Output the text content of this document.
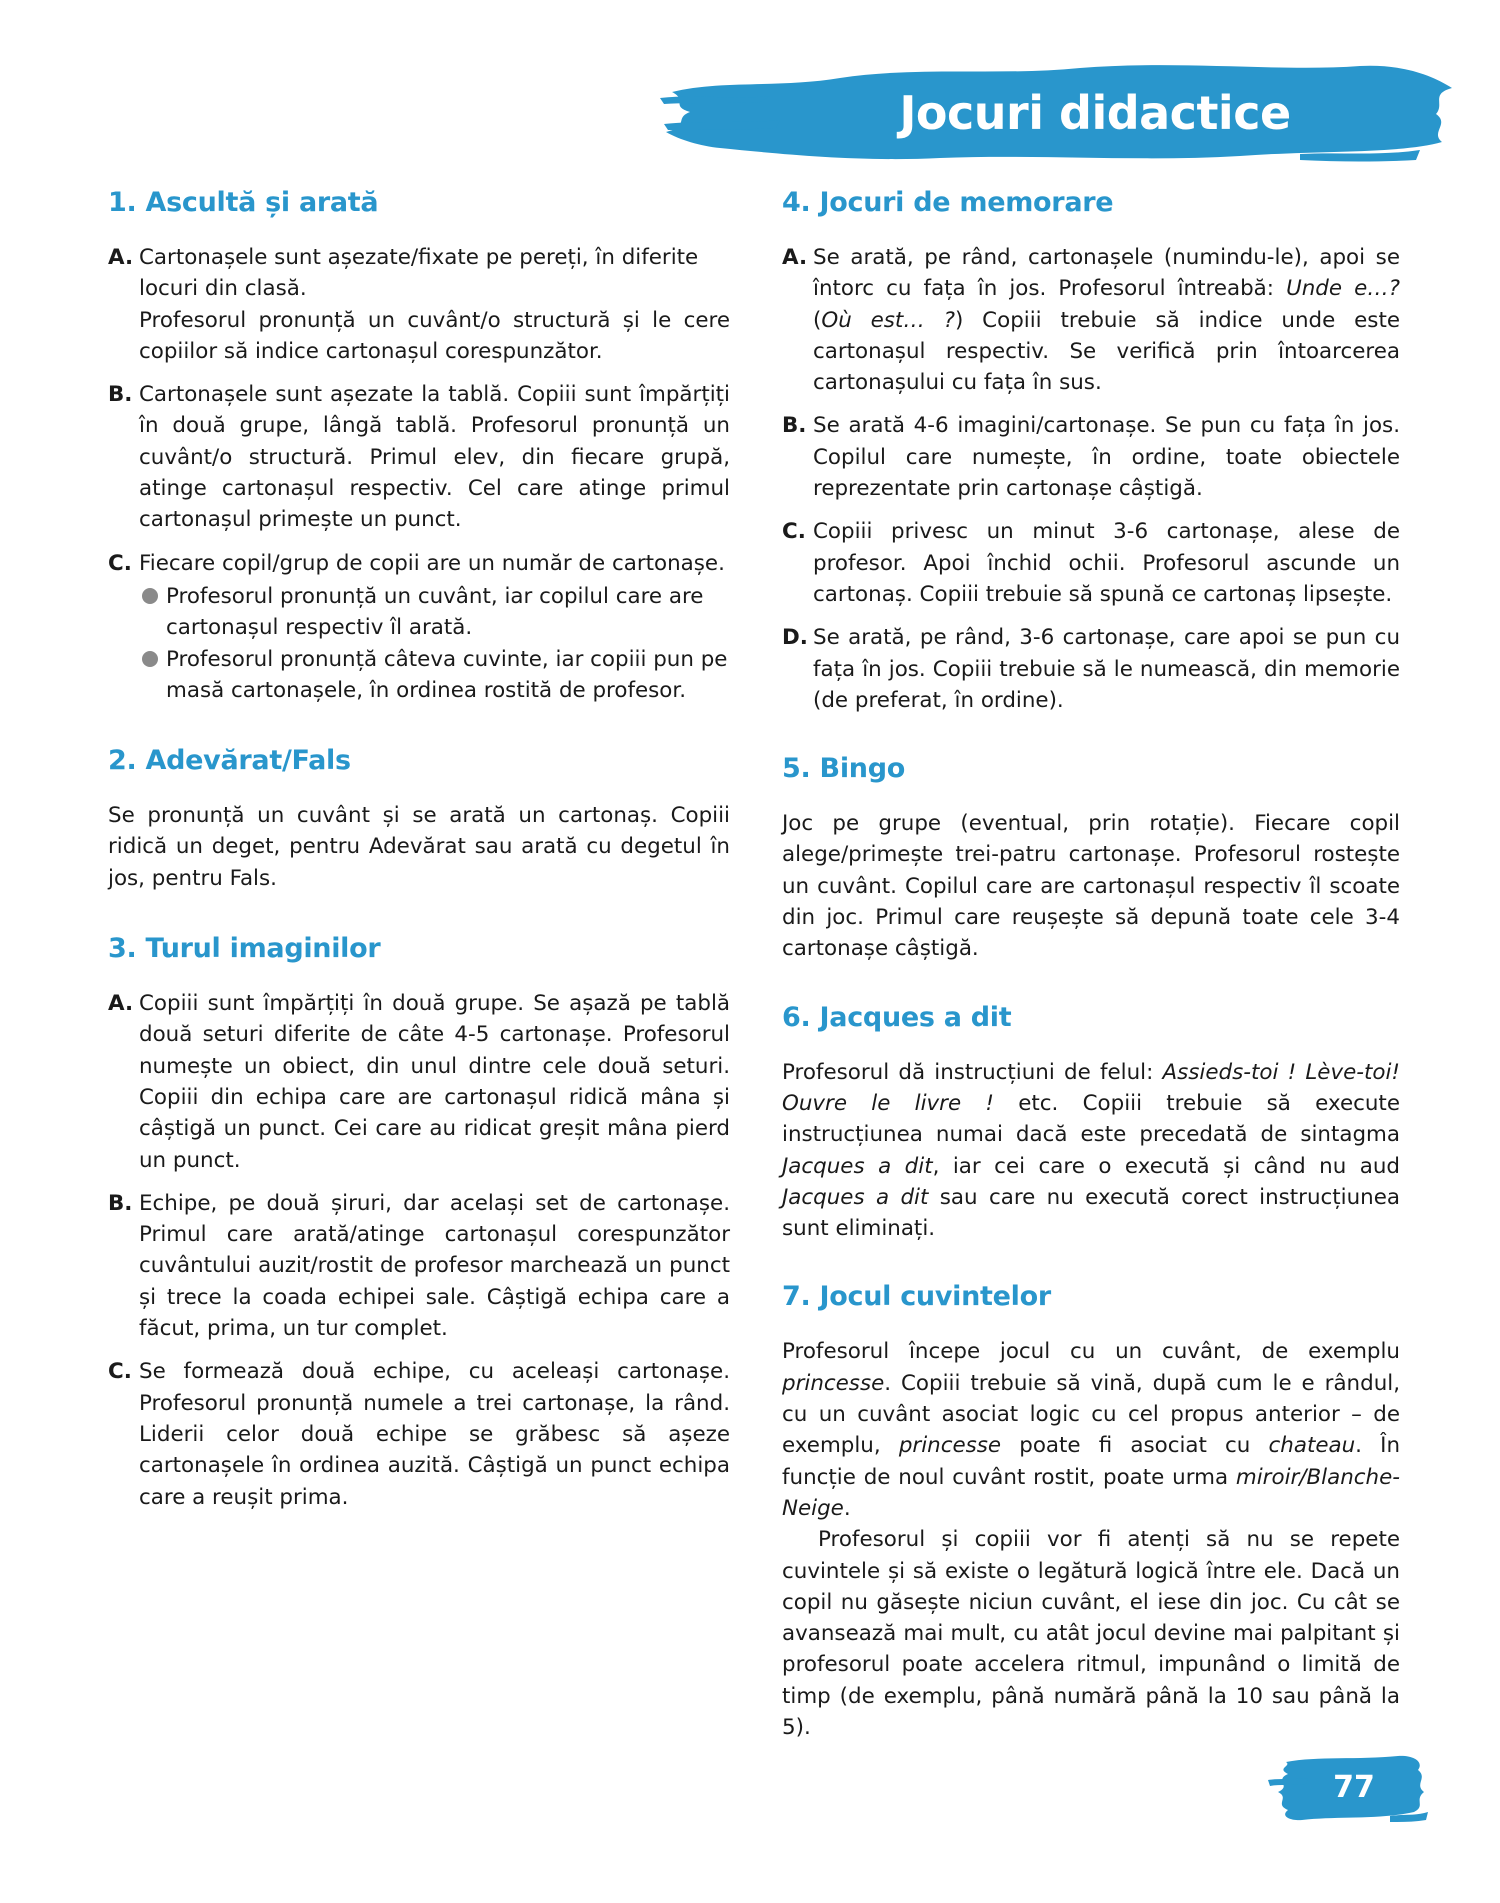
Jocuri didactice
1. Ascultă și arată
A. Cartonașele sunt așezate/fixate pe pereți, în diferite locuri din clasă.

Profesorul pronunță un cuvânt/o structură și le cere copiilor să indice cartonașul corespunzător.

B. Cartonașele sunt așezate la tablă. Copiii sunt împărțiți în două grupe, lângă tablă. Profesorul pronunță un cuvânt/o structură. Primul elev, din fiecare grupă, atinge cartonașul respectiv. Cel care atinge primul cartonașul primește un punct.

C. Fiecare copil/grup de copii are un număr de cartonașe.

Profesorul pronunță un cuvânt, iar copilul care are cartonașul respectiv îl arată.
Profesorul pronunță câteva cuvinte, iar copiii pun pe masă cartonașele, în ordinea rostită de profesor.
2. Adevărat/Fals

Se pronunță un cuvânt și se arată un cartonaș. Copiii ridică un deget, pentru Adevărat sau arată cu degetul în jos, pentru Fals.

3. Turul imaginilor
A. Copiii sunt împărțiți în două grupe. Se așază pe tablă două seturi diferite de câte 4-5 cartonașe. Profesorul numește un obiect, din unul dintre cele două seturi. Copiii din echipa care are cartonașul ridică mâna și câștigă un punct. Cei care au ridicat greșit mâna pierd un punct.

B. Echipe, pe două șiruri, dar același set de cartonașe. Primul care arată/atinge cartonașul corespunzător cuvântului auzit/rostit de profesor marchează un punct și trece la coada echipei sale. Câștigă echipa care a făcut, prima, un tur complet.

C. Se formează două echipe, cu aceleași cartonașe. Profesorul pronunță numele a trei cartonașe, la rând. Liderii celor două echipe se grăbesc să așeze cartonașele în ordinea auzită. Câștigă un punct echipa care a reușit prima.

4. Jocuri de memorare
A. Se arată, pe rând, cartonașele (numindu-le), apoi se întorc cu fața în jos. Profesorul întreabă: Unde e…? (Où est… ?) Copiii trebuie să indice unde este cartonașul respectiv. Se verifică prin întoarcerea cartonașului cu fața în sus.

B. Se arată 4-6 imagini/cartonașe. Se pun cu fața în jos. Copilul care numește, în ordine, toate obiectele reprezentate prin cartonașe câștigă.

C. Copiii privesc un minut 3-6 cartonașe, alese de profesor. Apoi închid ochii. Profesorul ascunde un cartonaș. Copiii trebuie să spună ce cartonaș lipsește.

D. Se arată, pe rând, 3-6 cartonașe, care apoi se pun cu fața în jos. Copiii trebuie să le numească, din memorie (de preferat, în ordine).

5. Bingo

Joc pe grupe (eventual, prin rotație). Fiecare copil alege/primește trei-patru cartonașe. Profesorul rostește un cuvânt. Copilul care are cartonașul respectiv îl scoate din joc. Primul care reușește să depună toate cele 3-4 cartonașe câștigă.

6. Jacques a dit

Profesorul dă instrucțiuni de felul: Assieds-toi ! Lève-toi! Ouvre le livre ! etc. Copiii trebuie să execute instrucțiunea numai dacă este precedată de sintagma Jacques a dit, iar cei care o execută și când nu aud Jacques a dit sau care nu execută corect instrucțiunea sunt eliminați.

7. Jocul cuvintelor

Profesorul începe jocul cu un cuvânt, de exemplu princesse. Copiii trebuie să vină, după cum le e rândul, cu un cuvânt asociat logic cu cel propus anterior – de exemplu, princesse poate fi asociat cu chateau. În funcție de noul cuvânt rostit, poate urma miroir/Blanche-Neige.

Profesorul și copiii vor fi atenți să nu se repete cuvintele și să existe o legătură logică între ele. Dacă un copil nu găsește niciun cuvânt, el iese din joc. Cu cât se avansează mai mult, cu atât jocul devine mai palpitant și profesorul poate accelera ritmul, impunând o limită de timp (de exemplu, până numără până la 10 sau până la 5).

77
